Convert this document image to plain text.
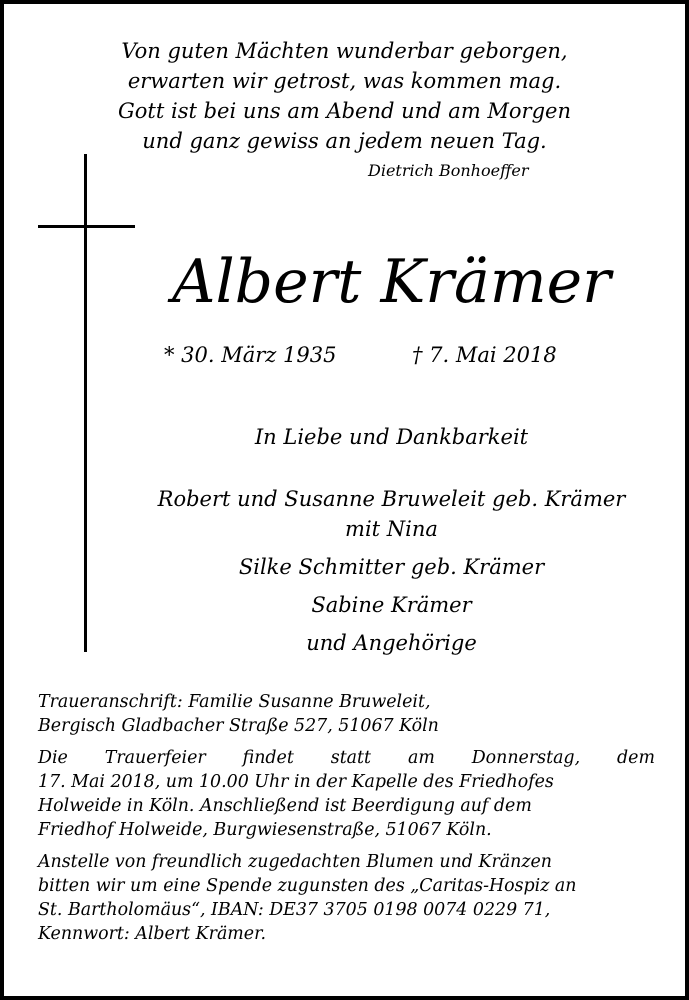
Von guten Mächten wunderbar geborgen,
erwarten wir getrost, was kommen mag.
Gott ist bei uns am Abend und am Morgen
und ganz gewiss an jedem neuen Tag.
Dietrich Bonhoeffer
Albert Krämer
* 30. März 1935	† 7. Mai 2018
In Liebe und Dankbarkeit
Robert und Susanne Bruweleit geb. Krämer
mit Nina
Silke Schmitter geb. Krämer
Sabine Krämer
und Angehörige
Traueranschrift: Familie Susanne Bruweleit,
Bergisch Gladbacher Straße 527, 51067 Köln
Die Trauerfeier findet statt am Donnerstag, dem
17. Mai 2018, um 10.00 Uhr in der Kapelle des Friedhofes
Holweide in Köln. Anschließend ist Beerdigung auf dem
Friedhof Holweide, Burgwiesenstraße, 51067 Köln.
Anstelle von freundlich zugedachten Blumen und Kränzen
bitten wir um eine Spende zugunsten des „Caritas-Hospiz an
St. Bartholomäus“, IBAN: DE37 3705 0198 0074 0229 71,
Kennwort: Albert Krämer.
